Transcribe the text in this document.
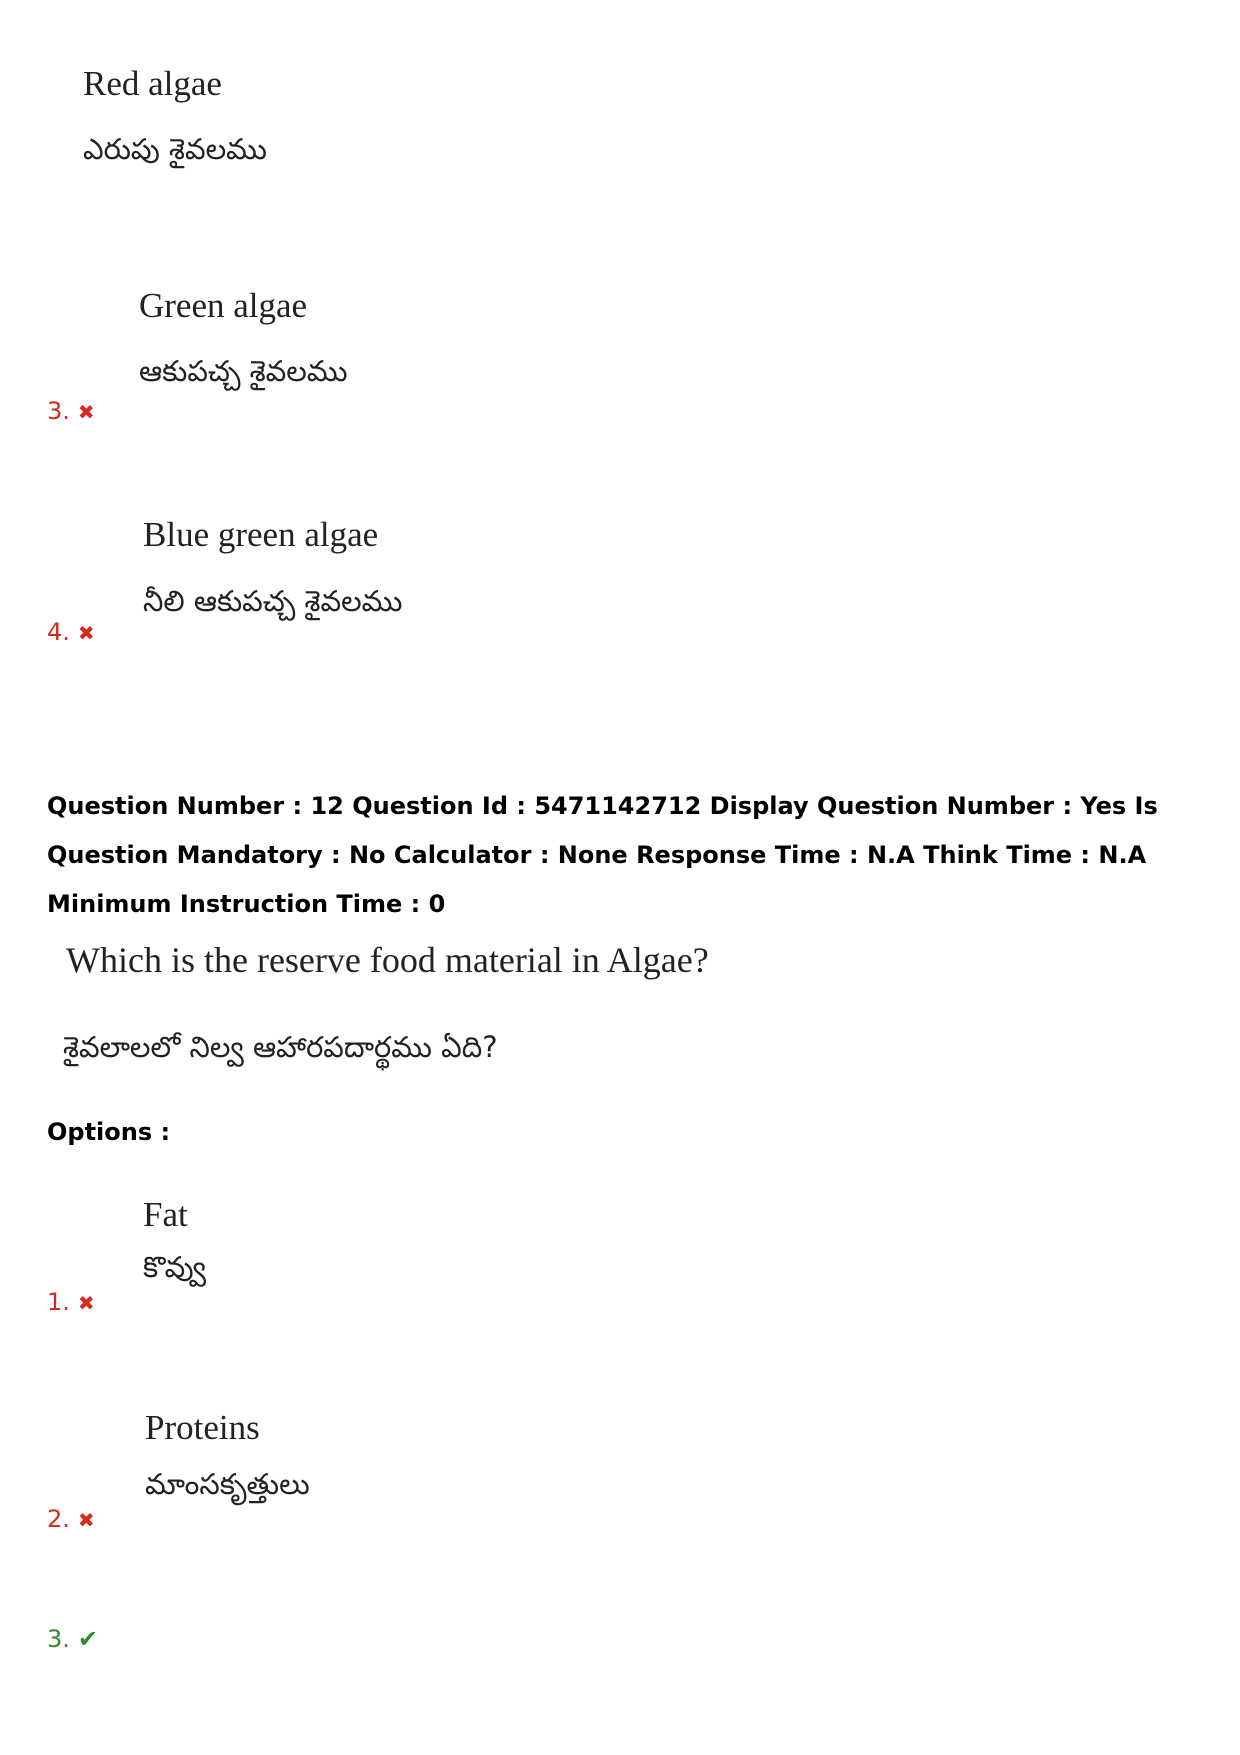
Red algae
ఎరుపు శైవలము
Green algae
ఆకుపచ్చ శైవలము
3. ✖
Blue green algae
నీలి ఆకుపచ్చ శైవలము
4. ✖
Question Number : 12 Question Id : 5471142712 Display Question Number : Yes Is Question Mandatory : No Calculator : None Response Time : N.A Think Time : N.A Minimum Instruction Time : 0
Which is the reserve food material in Algae?
శైవలాలలో నిల్వ ఆహారపదార్థము ఏది?
Options :
Fat
కొవ్వు
1. ✖
Proteins
మాంసకృత్తులు
2. ✖
3. ✔
